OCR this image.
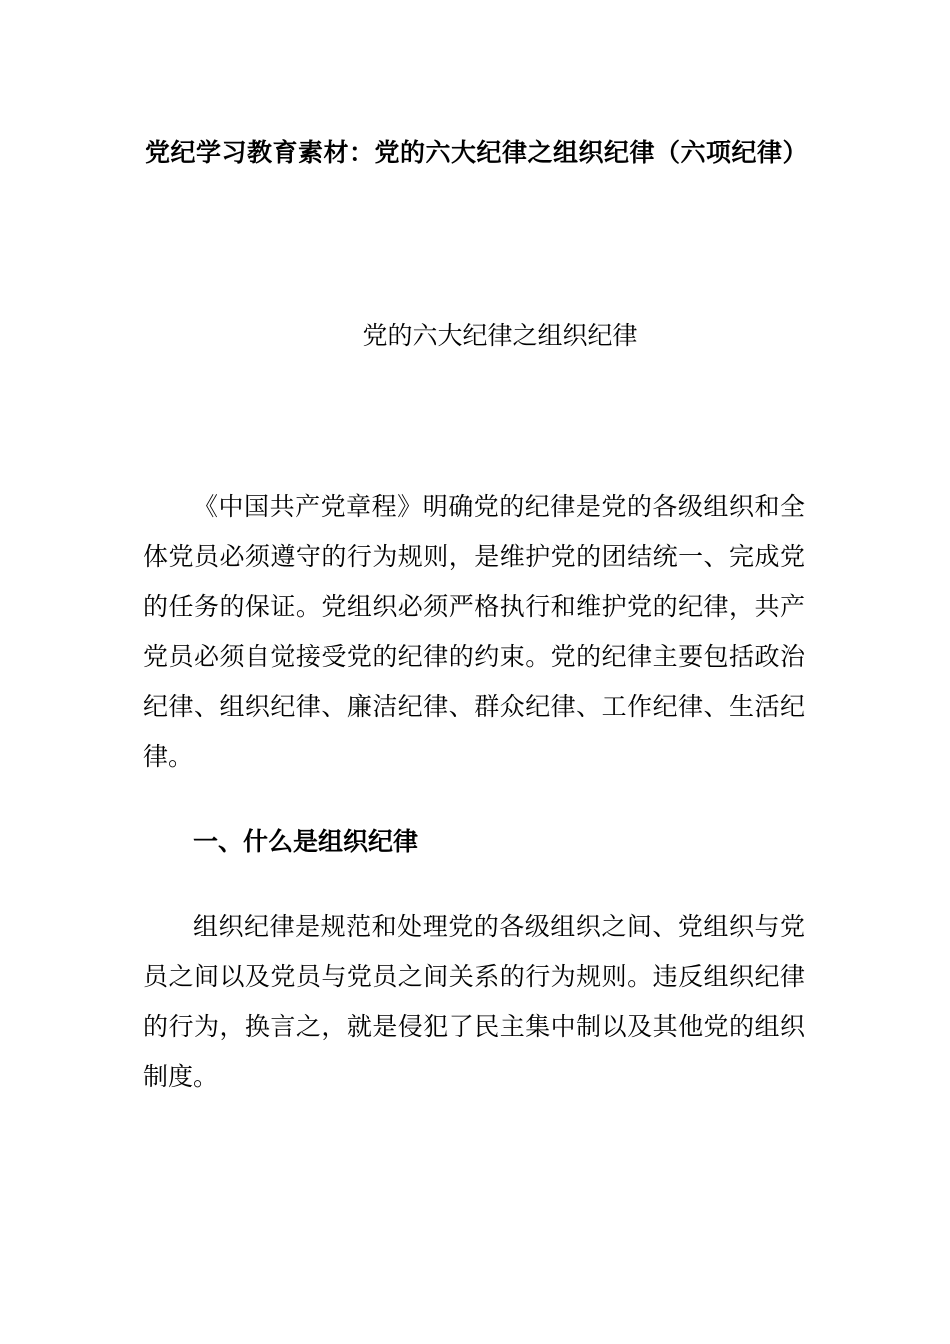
党纪学习教育素材：党的六大纪律之组织纪律（六项纪律）
党的六大纪律之组织纪律

《中国共产党章程》明确党的纪律是党的各级组织和全体党员必须遵守的行为规则，是维护党的团结统一、完成党的任务的保证。党组织必须严格执行和维护党的纪律，共产党员必须自觉接受党的纪律的约束。党的纪律主要包括政治纪律、组织纪律、廉洁纪律、群众纪律、工作纪律、生活纪律。

一、什么是组织纪律

组织纪律是规范和处理党的各级组织之间、党组织与党员之间以及党员与党员之间关系的行为规则。违反组织纪律的行为，换言之，就是侵犯了民主集中制以及其他党的组织制度。
